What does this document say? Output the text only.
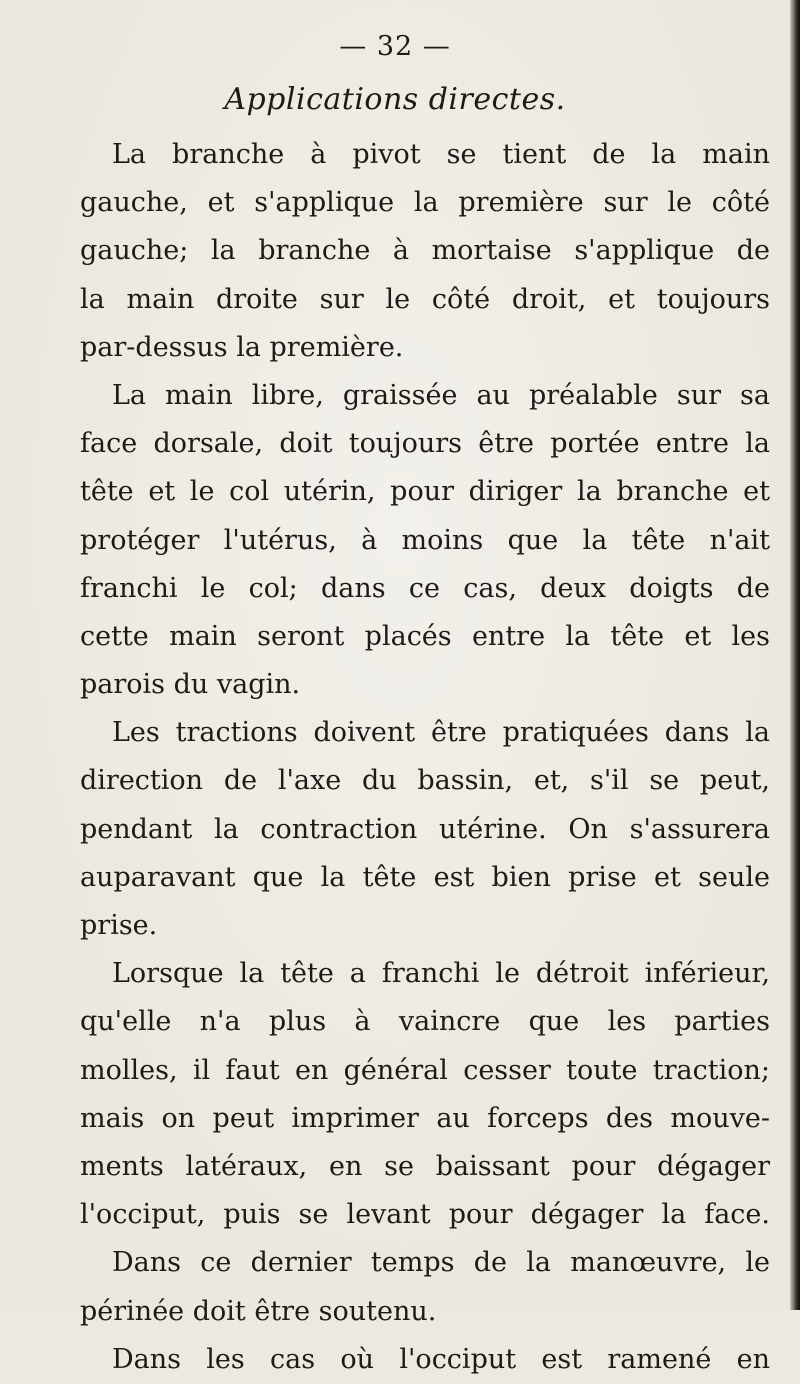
— 32 —
Applications directes.
La branche à pivot se tient de la main
gauche, et s'applique la première sur le côté
gauche; la branche à mortaise s'applique de
la main droite sur le côté droit, et toujours
par-dessus la première.
La main libre, graissée au préalable sur sa
face dorsale, doit toujours être portée entre la
tête et le col utérin, pour diriger la branche et
protéger l'utérus, à moins que la tête n'ait
franchi le col; dans ce cas, deux doigts de
cette main seront placés entre la tête et les
parois du vagin.
Les tractions doivent être pratiquées dans la
direction de l'axe du bassin, et, s'il se peut,
pendant la contraction utérine. On s'assurera
auparavant que la tête est bien prise et seule
prise.
Lorsque la tête a franchi le détroit inférieur,
qu'elle n'a plus à vaincre que les parties
molles, il faut en général cesser toute traction;
mais on peut imprimer au forceps des mouve-
ments latéraux, en se baissant pour dégager
l'occiput, puis se levant pour dégager la face.
Dans ce dernier temps de la manœuvre, le
périnée doit être soutenu.
Dans les cas où l'occiput est ramené en
